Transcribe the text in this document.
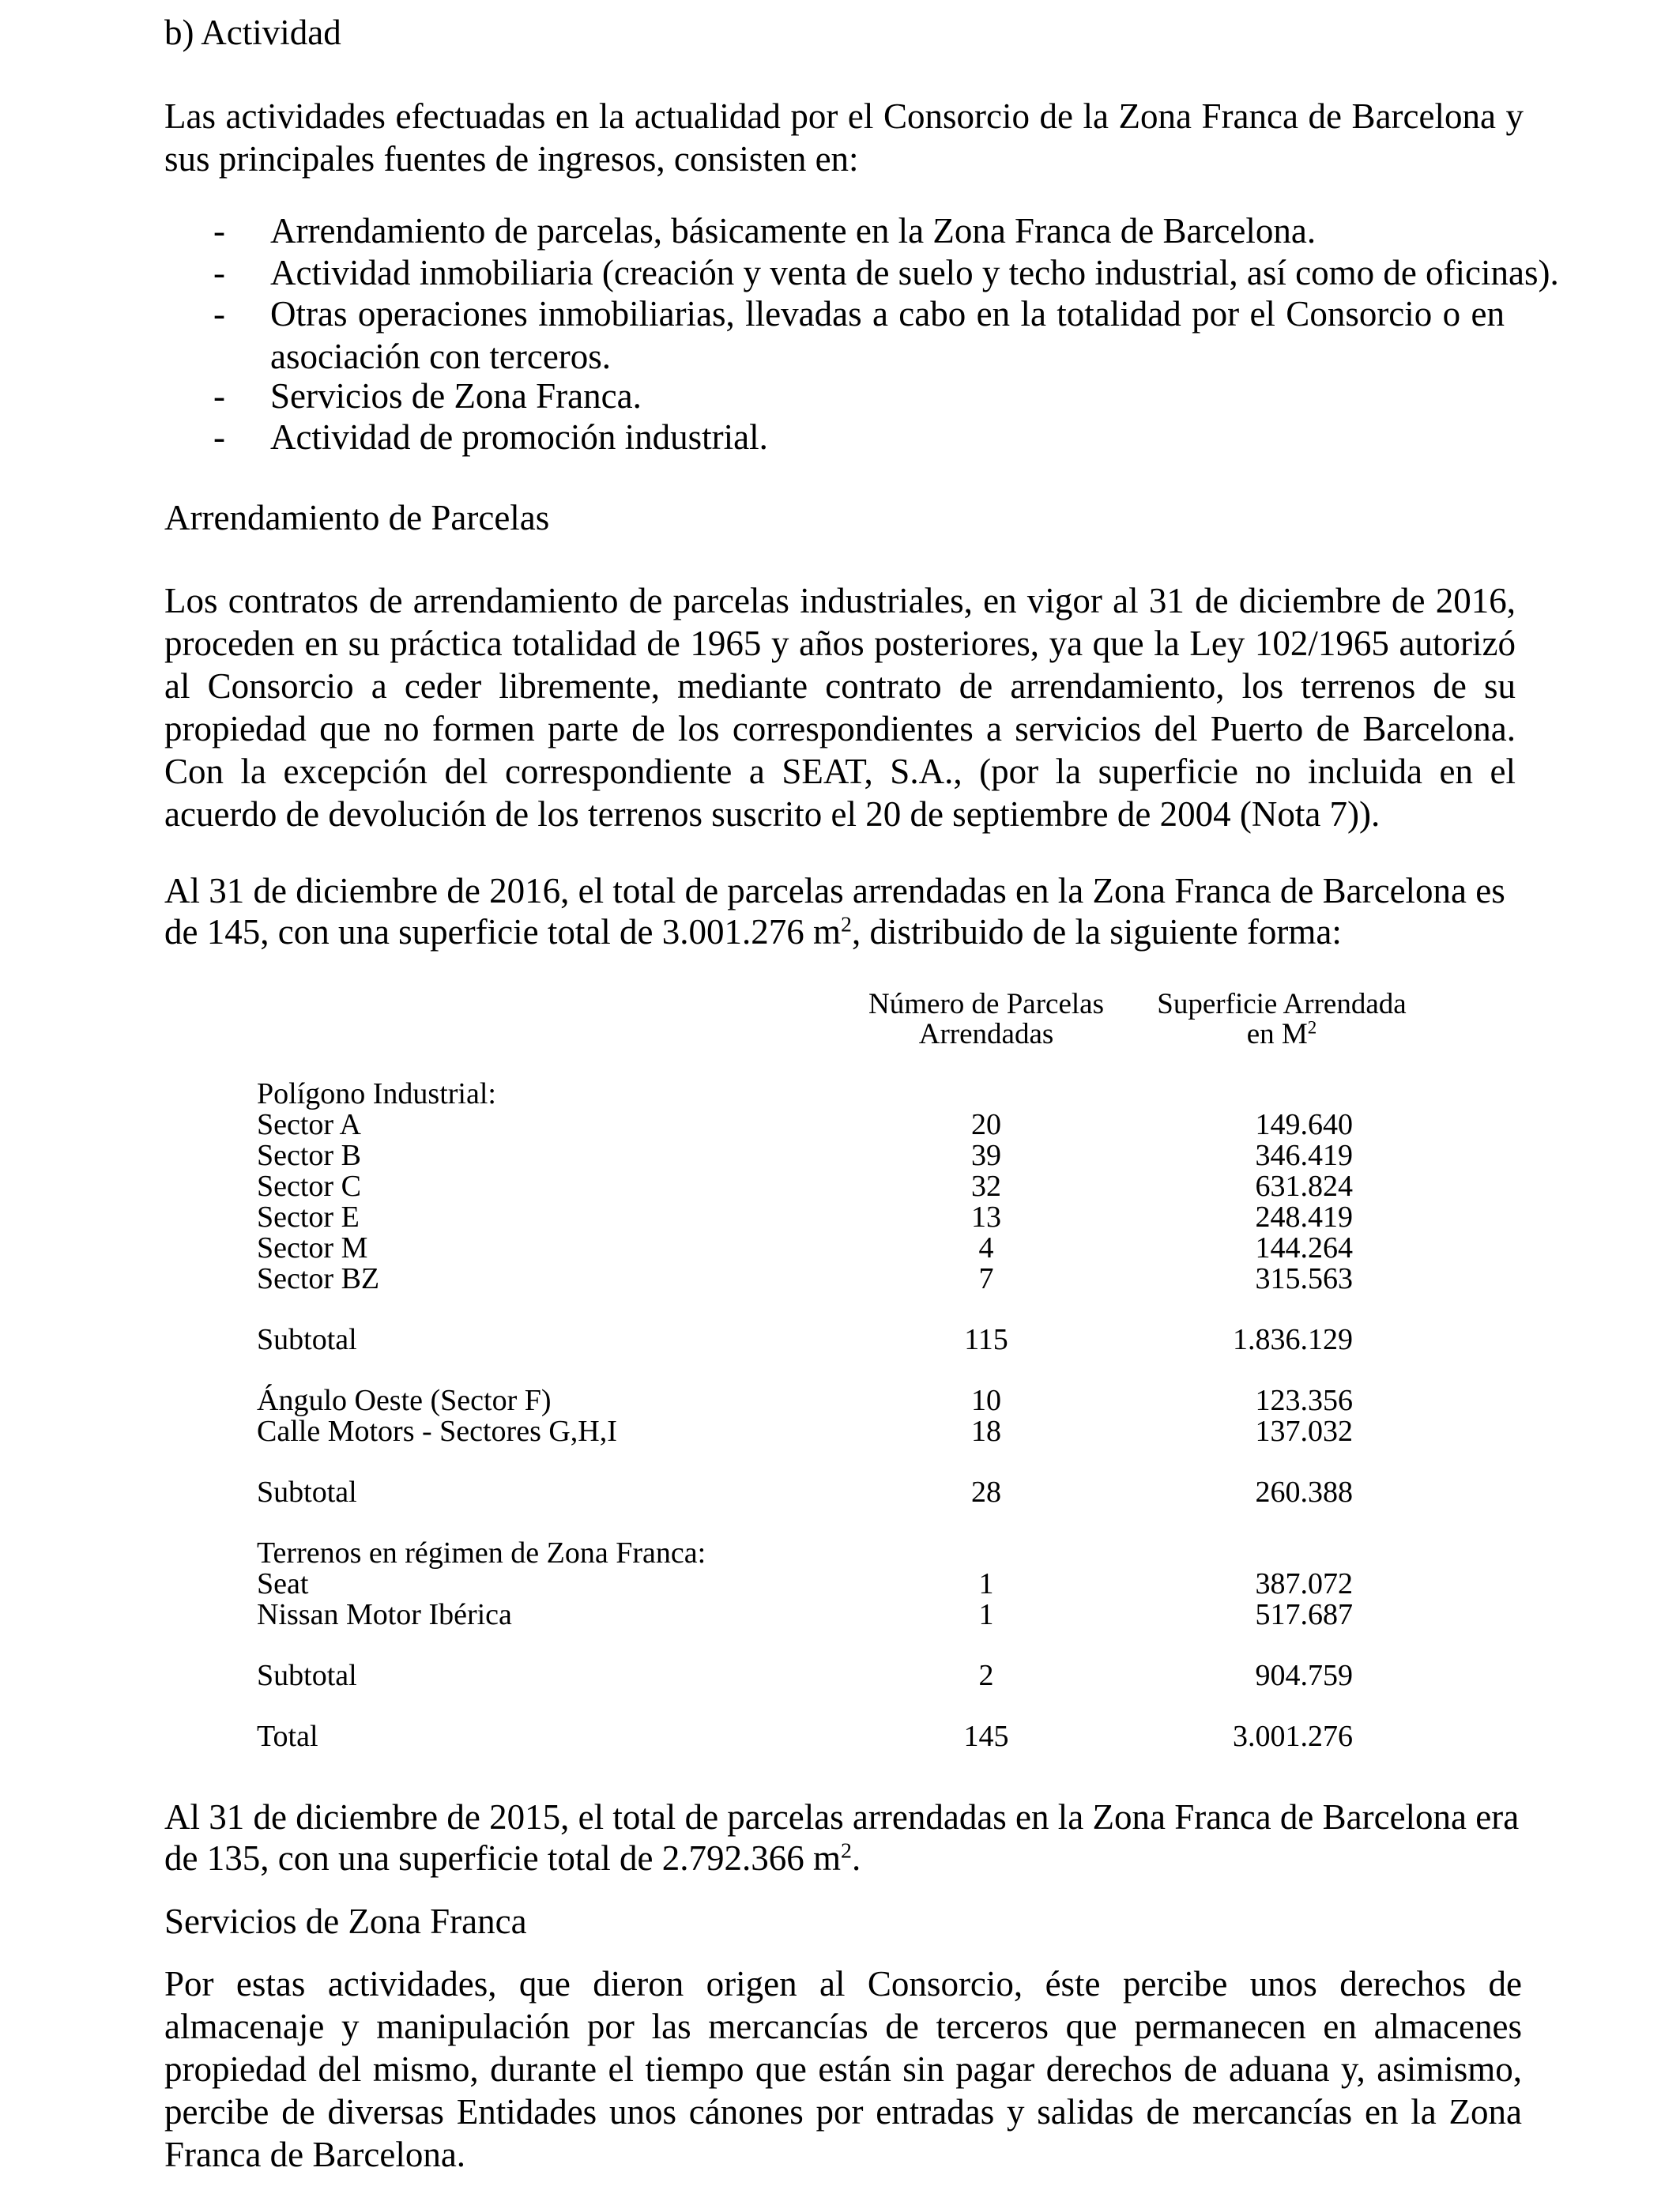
b) Actividad

Las actividades efectuadas en la actualidad por el Consorcio de la Zona Franca de Barcelona y sus principales fuentes de ingresos, consisten en:

- Arrendamiento de parcelas, básicamente en la Zona Franca de Barcelona.

- Actividad inmobiliaria (creación y venta de suelo y techo industrial, así como de oficinas).

- Otras operaciones inmobiliarias, llevadas a cabo en la totalidad por el Consorcio o en asociación con terceros.

- Servicios de Zona Franca.

- Actividad de promoción industrial.

Arrendamiento de Parcelas

Los contratos de arrendamiento de parcelas industriales, en vigor al 31 de diciembre de 2016, proceden en su práctica totalidad de 1965 y años posteriores, ya que la Ley 102/1965 autorizó al Consorcio a ceder libremente, mediante contrato de arrendamiento, los terrenos de su propiedad que no formen parte de los correspondientes a servicios del Puerto de Barcelona. Con la excepción del correspondiente a SEAT, S.A., (por la superficie no incluida en el acuerdo de devolución de los terrenos suscrito el 20 de septiembre de 2004 (Nota 7)).

Al 31 de diciembre de 2016, el total de parcelas arrendadas en la Zona Franca de Barcelona es

de 145, con una superficie total de 3.001.276 $m^2$, distribuido de la siguiente forma:

Número de Parcelas
Arrendadas
Superficie Arrendada
en $M^2$
Polígono Industrial:
Sector A	20	149.640
Sector B	39	346.419
Sector C	32	631.824
Sector E	13	248.419
Sector M	4	144.264
Sector BZ	7	315.563
Subtotal	115	1.836.129
Ángulo Oeste (Sector F)	10	123.356
Calle Motors - Sectores G,H,I	18	137.032
Subtotal	28	260.388
Terrenos en régimen de Zona Franca:
Seat	1	387.072
Nissan Motor Ibérica	1	517.687
Subtotal	2	904.759
Total	145	3.001.276

Al 31 de diciembre de 2015, el total de parcelas arrendadas en la Zona Franca de Barcelona era

de 135, con una superficie total de 2.792.366 $m^2$.

Servicios de Zona Franca

Por estas actividades, que dieron origen al Consorcio, éste percibe unos derechos de almacenaje y manipulación por las mercancías de terceros que permanecen en almacenes propiedad del mismo, durante el tiempo que están sin pagar derechos de aduana y, asimismo, percibe de diversas Entidades unos cánones por entradas y salidas de mercancías en la Zona Franca de Barcelona.
